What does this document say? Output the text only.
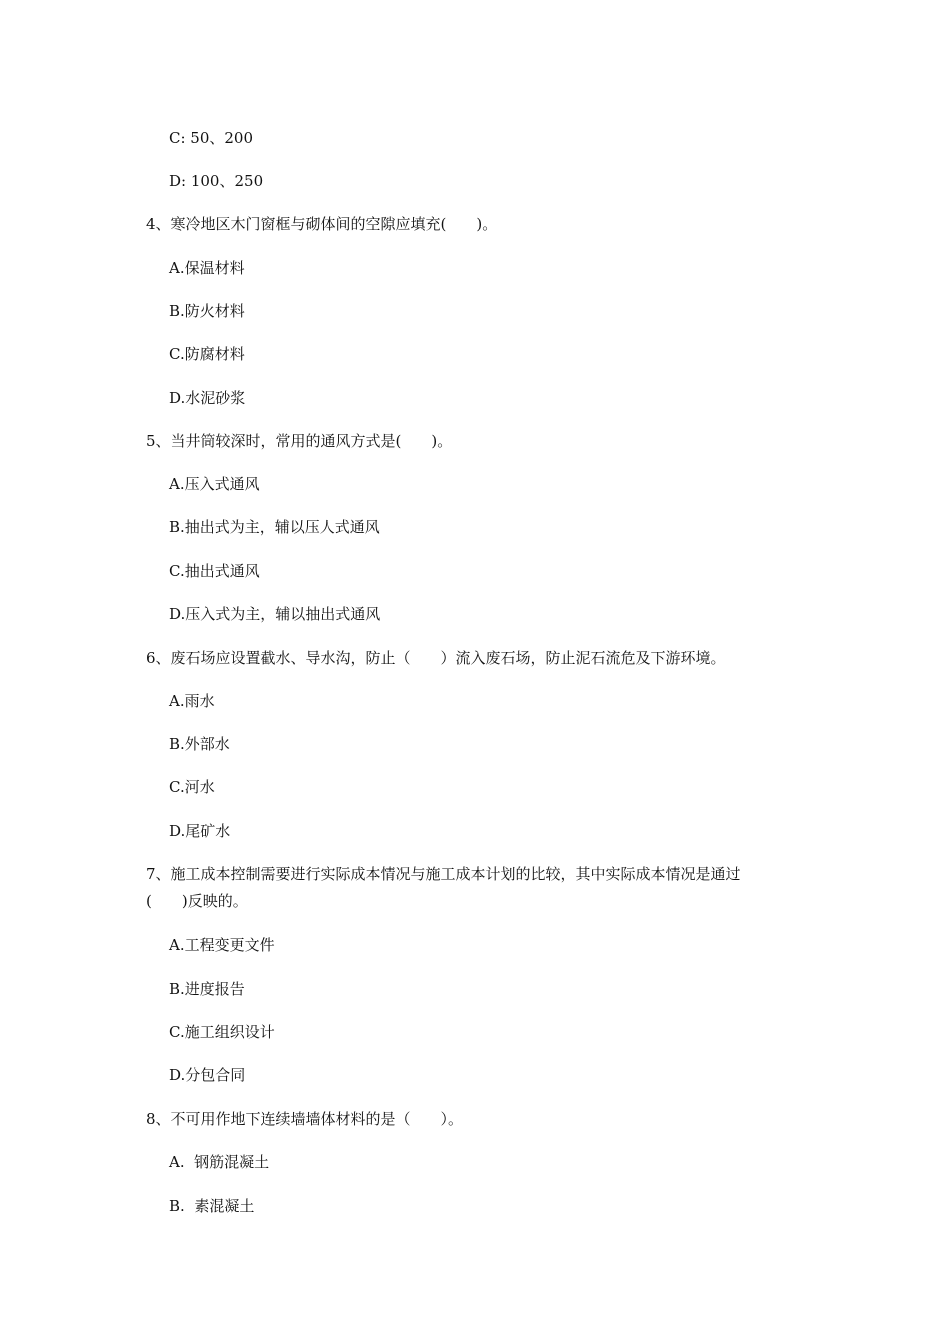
C: 50、200
D: 100、250
4、寒冷地区木门窗框与砌体间的空隙应填充(　　)。
A.保温材料
B.防火材料
C.防腐材料
D.水泥砂浆
5、当井筒较深时，常用的通风方式是(　　)。
A.压入式通风
B.抽出式为主，辅以压人式通风
C.抽出式通风
D.压入式为主，辅以抽出式通风
6、废石场应设置截水、导水沟，防止（　　）流入废石场，防止泥石流危及下游环境。
A.雨水
B.外部水
C.河水
D.尾矿水
7、施工成本控制需要进行实际成本情况与施工成本计划的比较，其中实际成本情况是通过
(　　)反映的。
A.工程变更文件
B.进度报告
C.施工组织设计
D.分包合同
8、不可用作地下连续墙墙体材料的是（　　）。
A.  钢筋混凝土
B.  素混凝土
